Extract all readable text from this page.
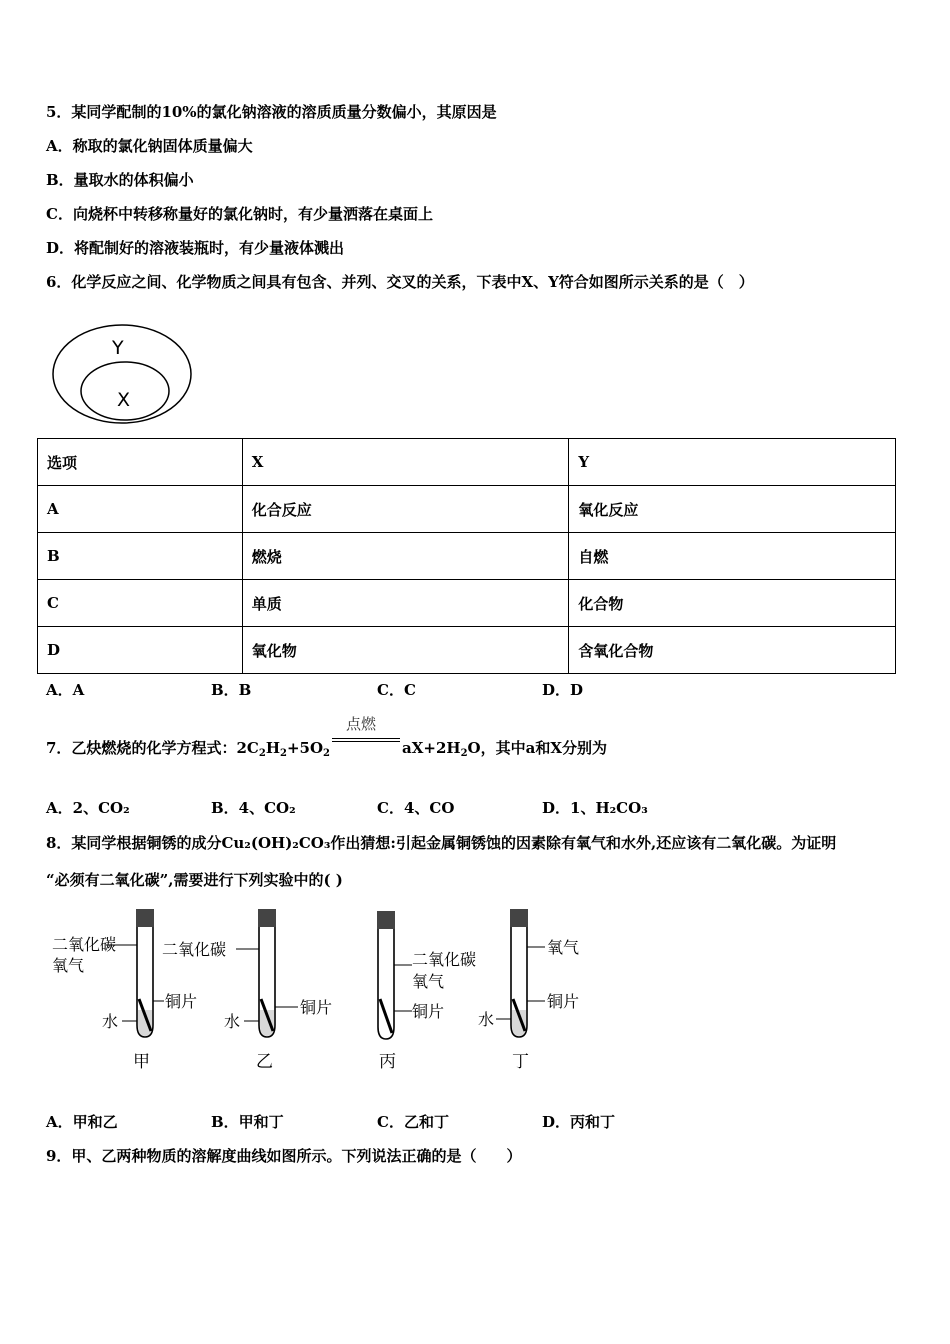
5．某同学配制的10%的氯化钠溶液的溶质质量分数偏小，其原因是
A．称取的氯化钠固体质量偏大
B．量取水的体积偏小
C．向烧杯中转移称量好的氯化钠时，有少量洒落在桌面上
D．将配制好的溶液装瓶时，有少量液体溅出
6．化学反应之间、化学物质之间具有包含、并列、交叉的关系，下表中X、Y符合如图所示关系的是（　）
Y
X
选项	X	Y
A	化合反应	氧化反应
B	燃烧	自燃
C	单质	化合物
D	氧化物	含氧化合物
A．A	B．B	C．C	D．D
7．乙炔燃烧的化学方程式：$2C_2H_2+5O_2$
点燃
$aX+2H_2O$，其中a和X分别为
A．2、CO₂	B．4、CO₂	C．4、CO	D．1、H₂CO₃
8．某同学根据铜锈的成分Cu₂(OH)₂CO₃作出猜想:引起金属铜锈蚀的因素除有氧气和水外,还应该有二氧化碳。为证明
“必须有二氧化碳”,需要进行下列实验中的( )
二氧化碳
氧气
铜片
水
甲
二氧化碳
铜片
水
乙
二氧化碳
氧气
铜片
丙
氧气
铜片
水
丁
A．甲和乙	B．甲和丁	C．乙和丁	D．丙和丁
9．甲、乙两种物质的溶解度曲线如图所示。下列说法正确的是（　　）
